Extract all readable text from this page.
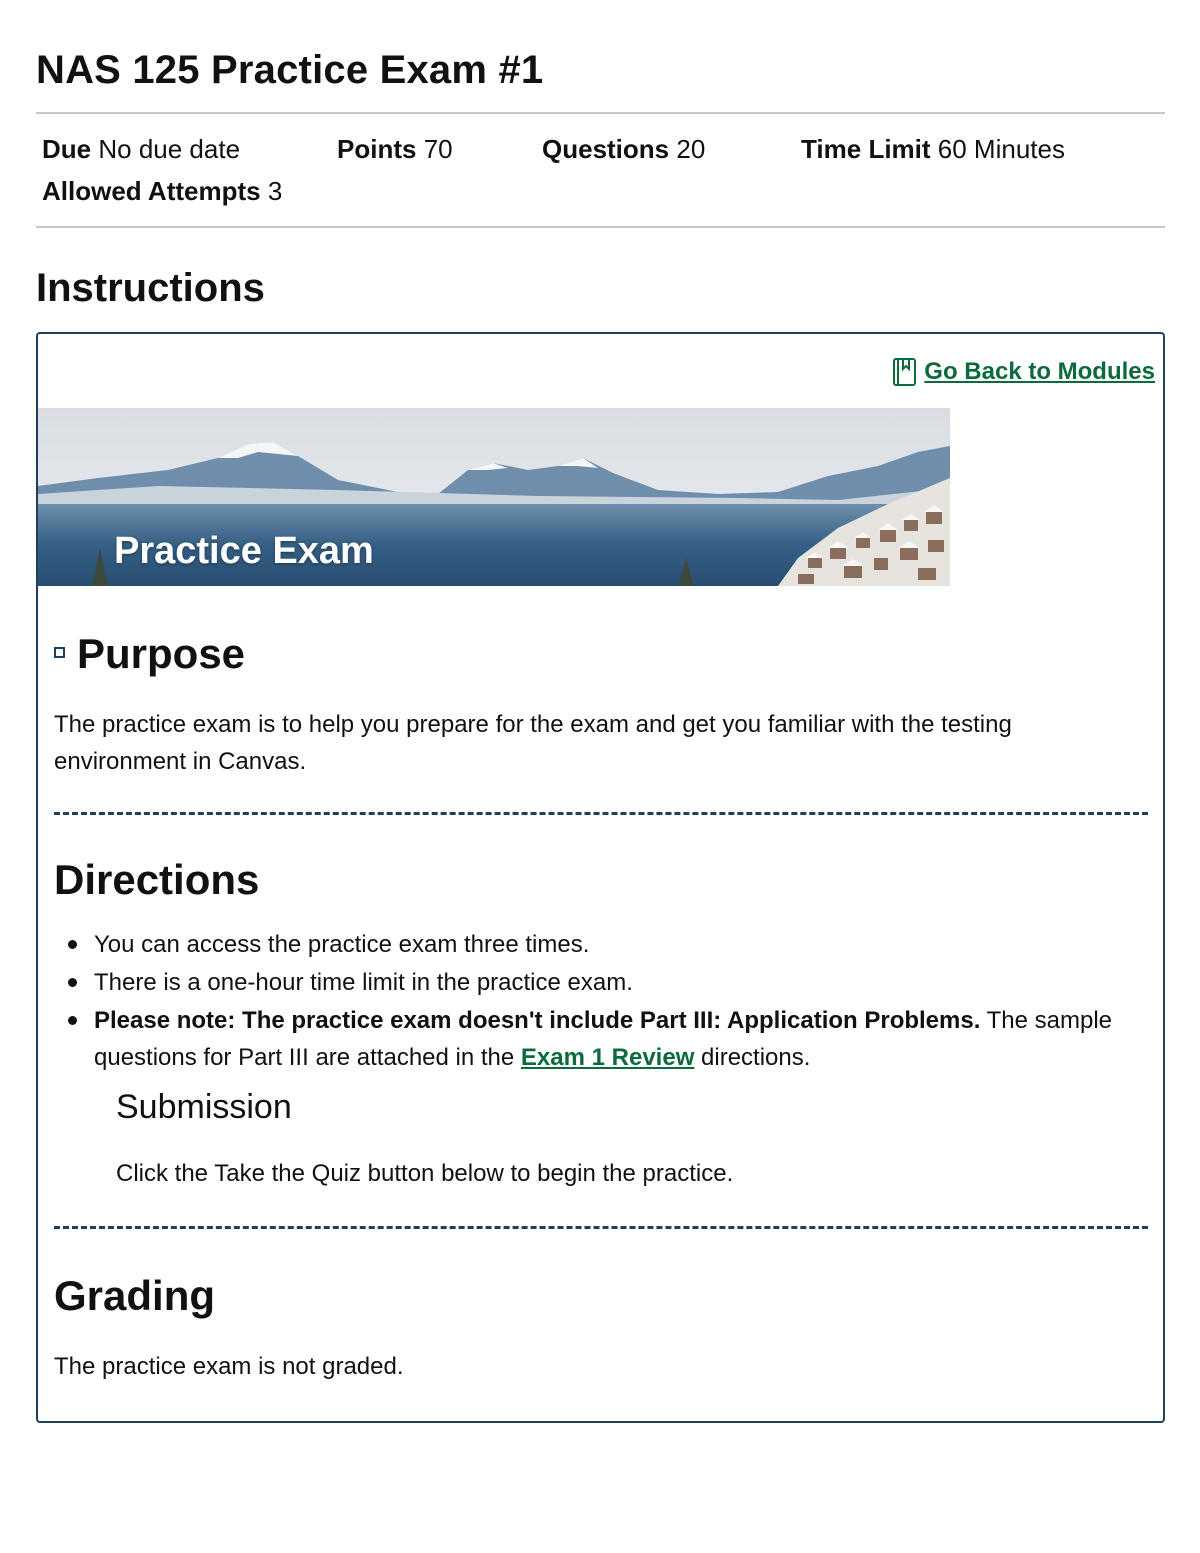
NAS 125 Practice Exam #1
Due No due date	Points 70	Questions 20	Time Limit 60 Minutes
Allowed Attempts 3
Instructions
Go Back to Modules
Practice Exam
Purpose
The practice exam is to help you prepare for the exam and get you familiar with the testing environment in Canvas.
Directions
You can access the practice exam three times.
There is a one-hour time limit in the practice exam.
Please note: The practice exam doesn't include Part III: Application Problems. The sample questions for Part III are attached in the Exam 1 Review directions.
Submission
Click the Take the Quiz button below to begin the practice.
Grading
The practice exam is not graded.
